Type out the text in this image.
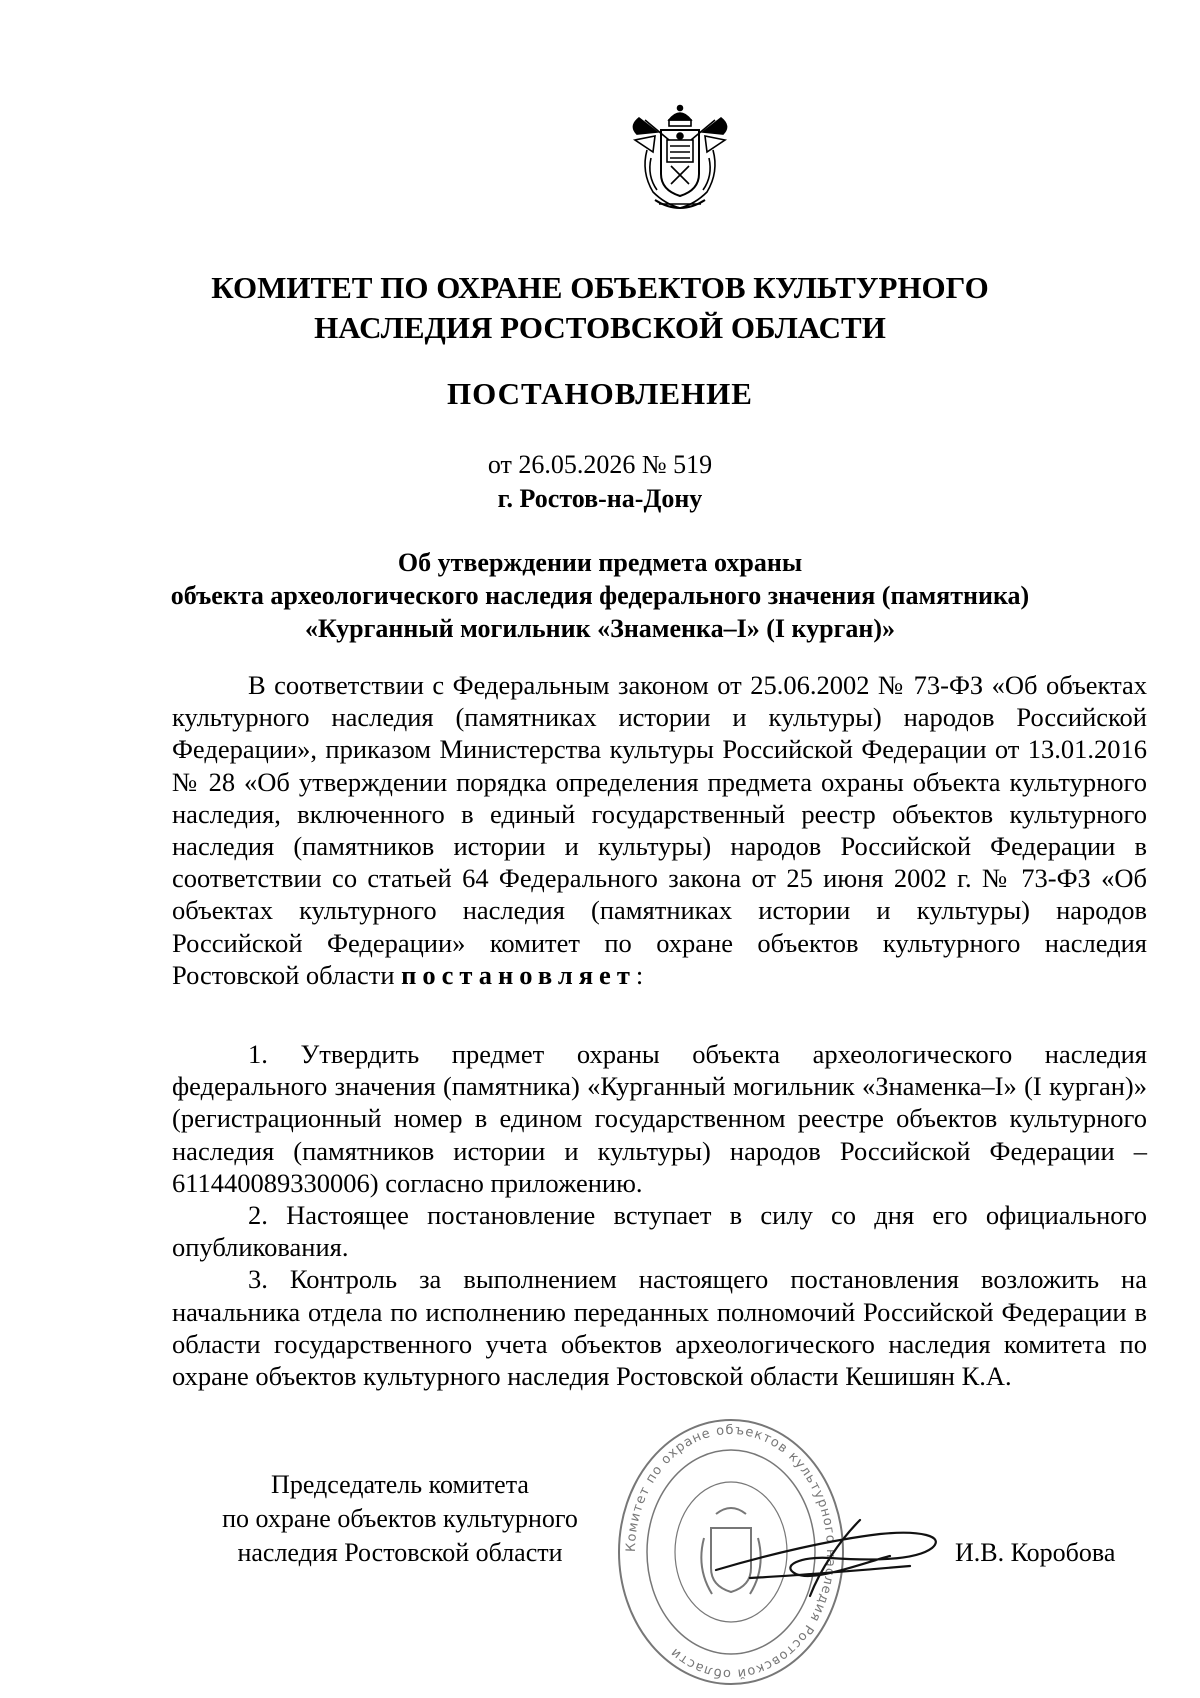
КОМИТЕТ ПО ОХРАНЕ ОБЪЕКТОВ КУЛЬТУРНОГО
НАСЛЕДИЯ РОСТОВСКОЙ ОБЛАСТИ
ПОСТАНОВЛЕНИЕ
от 26.05.2026 № 519
г. Ростов-на-Дону
Об утверждении предмета охраны
объекта археологического наследия федерального значения (памятника)
«Курганный могильник «Знаменка–I» (I курган)»

В соответствии с Федеральным законом от 25.06.2002 № 73-ФЗ «Об объектах культурного наследия (памятниках истории и культуры) народов Российской Федерации», приказом Министерства культуры Российской Федерации от 13.01.2016 № 28 «Об утверждении порядка определения предмета охраны объекта культурного наследия, включенного в единый государственный реестр объектов культурного наследия (памятников истории и культуры) народов Российской Федерации в соответствии со статьей 64 Федерального закона от 25 июня 2002 г. № 73-ФЗ «Об объектах культурного наследия (памятниках истории и культуры) народов Российской Федерации» комитет по охране объектов культурного наследия Ростовской области постановляет:

1. Утвердить предмет охраны объекта археологического наследия федерального значения (памятника) «Курганный могильник «Знаменка–I» (I курган)» (регистрационный номер в едином государственном реестре объектов культурного наследия (памятников истории и культуры) народов Российской Федерации – 611440089330006) согласно приложению.

2. Настоящее постановление вступает в силу со дня его официального опубликования.

3. Контроль за выполнением настоящего постановления возложить на начальника отдела по исполнению переданных полномочий Российской Федерации в области государственного учета объектов археологического наследия комитета по охране объектов культурного наследия Ростовской области Кешишян К.А.

Председатель комитета
по охране объектов культурного
наследия Ростовской области	Комитет по охране объектов культурного наследия Ростовской области
И.В. Коробова
